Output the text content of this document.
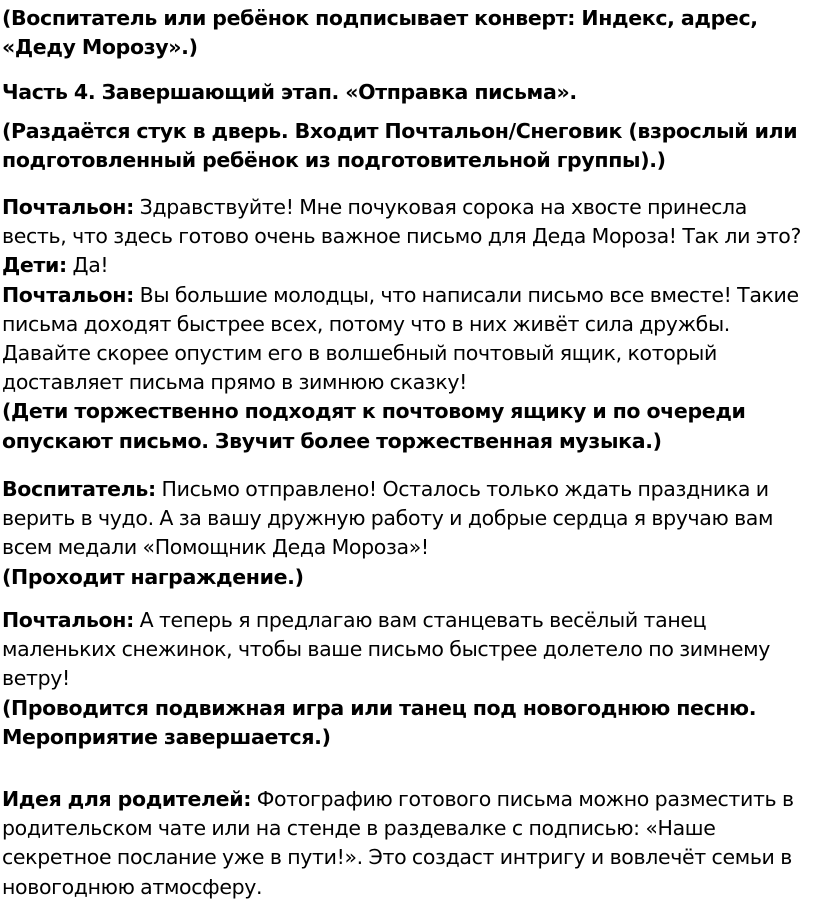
(Воспитатель или ребёнок подписывает конверт: Индекс, адрес, «Деду Морозу».)

Часть 4. Завершающий этап. «Отправка письма».

(Раздаётся стук в дверь. Входит Почтальон/Снеговик (взрослый или подготовленный ребёнок из подготовительной группы).)

Почтальон: Здравствуйте! Мне почуковая сорока на хвосте принесла весть, что здесь готово очень важное письмо для Деда Мороза! Так ли это?

Дети: Да!

Почтальон: Вы большие молодцы, что написали письмо все вместе! Такие письма доходят быстрее всех, потому что в них живёт сила дружбы. Давайте скорее опустим его в волшебный почтовый ящик, который доставляет письма прямо в зимнюю сказку!

(Дети торжественно подходят к почтовому ящику и по очереди опускают письмо. Звучит более торжественная музыка.)

Воспитатель: Письмо отправлено! Осталось только ждать праздника и верить в чудо. А за вашу дружную работу и добрые сердца я вручаю вам всем медали «Помощник Деда Мороза»!

(Проходит награждение.)

Почтальон: А теперь я предлагаю вам станцевать весёлый танец маленьких снежинок, чтобы ваше письмо быстрее долетело по зимнему ветру!

(Проводится подвижная игра или танец под новогоднюю песню. Мероприятие завершается.)

Идея для родителей: Фотографию готового письма можно разместить в родительском чате или на стенде в раздевалке с подписью: «Наше секретное послание уже в пути!». Это создаст интригу и вовлечёт семьи в новогоднюю атмосферу.
